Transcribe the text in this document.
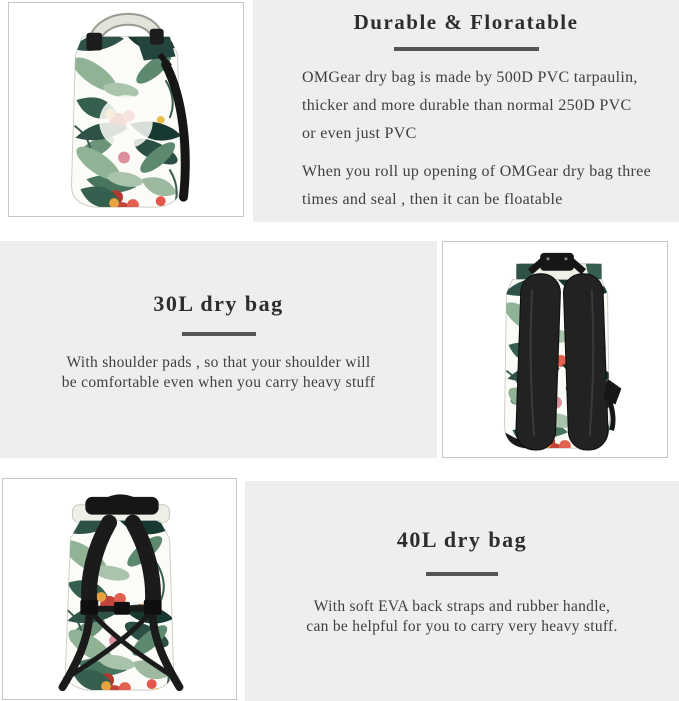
Durable & Floratable

OMGear dry bag is made by 500D PVC tarpaulin,

thicker and more durable than normal 250D PVC

or even just PVC

When you roll up opening of OMGear dry bag three

times and seal , then it can be floatable

30L dry bag

With shoulder pads , so that your shoulder will

be comfortable even when you carry heavy stuff

40L dry bag

With soft EVA back straps and rubber handle,

can be helpful for you to carry very heavy stuff.
